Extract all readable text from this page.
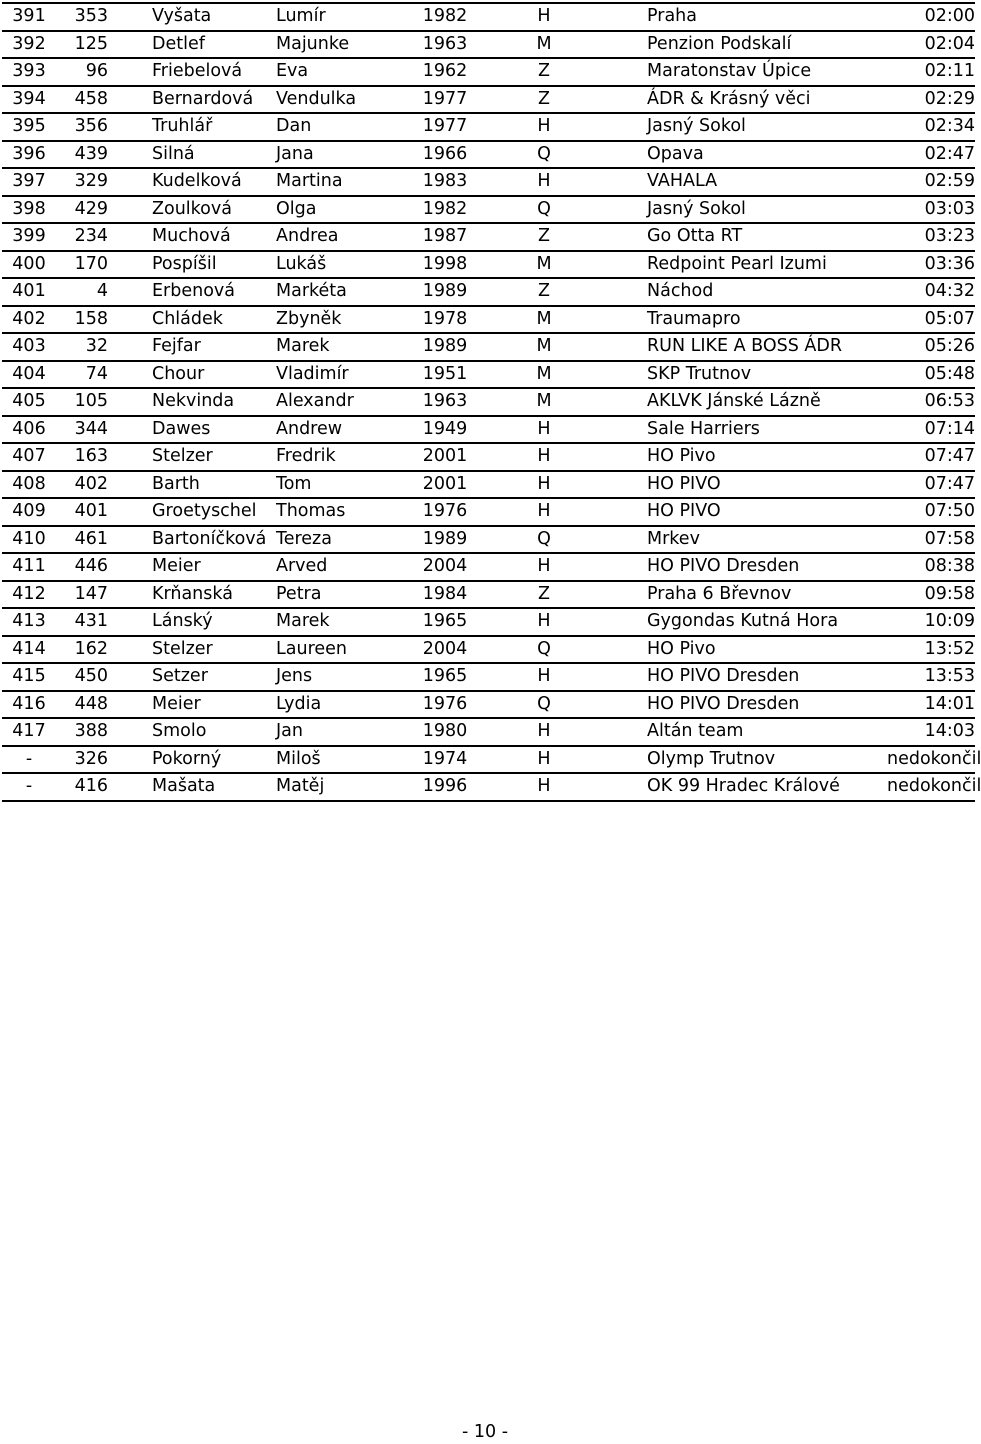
391	353	Vyšata	Lumír	1982	H	Praha	02:00
392	125	Detlef	Majunke	1963	M	Penzion Podskalí	02:04
393	96	Friebelová	Eva	1962	Z	Maratonstav Úpice	02:11
394	458	Bernardová	Vendulka	1977	Z	ÁDR & Krásný věci	02:29
395	356	Truhlář	Dan	1977	H	Jasný Sokol	02:34
396	439	Silná	Jana	1966	Q	Opava	02:47
397	329	Kudelková	Martina	1983	H	VAHALA	02:59
398	429	Zoulková	Olga	1982	Q	Jasný Sokol	03:03
399	234	Muchová	Andrea	1987	Z	Go Otta RT	03:23
400	170	Pospíšil	Lukáš	1998	M	Redpoint Pearl Izumi	03:36
401	4	Erbenová	Markéta	1989	Z	Náchod	04:32
402	158	Chládek	Zbyněk	1978	M	Traumapro	05:07
403	32	Fejfar	Marek	1989	M	RUN LIKE A BOSS ÁDR	05:26
404	74	Chour	Vladimír	1951	M	SKP Trutnov	05:48
405	105	Nekvinda	Alexandr	1963	M	AKLVK Jánské Lázně	06:53
406	344	Dawes	Andrew	1949	H	Sale Harriers	07:14
407	163	Stelzer	Fredrik	2001	H	HO Pivo	07:47
408	402	Barth	Tom	2001	H	HO PIVO	07:47
409	401	Groetyschel	Thomas	1976	H	HO PIVO	07:50
410	461	Bartoníčková	Tereza	1989	Q	Mrkev	07:58
411	446	Meier	Arved	2004	H	HO PIVO Dresden	08:38
412	147	Krňanská	Petra	1984	Z	Praha 6 Břevnov	09:58
413	431	Lánský	Marek	1965	H	Gygondas Kutná Hora	10:09
414	162	Stelzer	Laureen	2004	Q	HO Pivo	13:52
415	450	Setzer	Jens	1965	H	HO PIVO Dresden	13:53
416	448	Meier	Lydia	1976	Q	HO PIVO Dresden	14:01
417	388	Smolo	Jan	1980	H	Altán team	14:03
-	326	Pokorný	Miloš	1974	H	Olymp Trutnov	nedokončil
-	416	Mašata	Matěj	1996	H	OK 99 Hradec Králové	nedokončil
- 10 -
